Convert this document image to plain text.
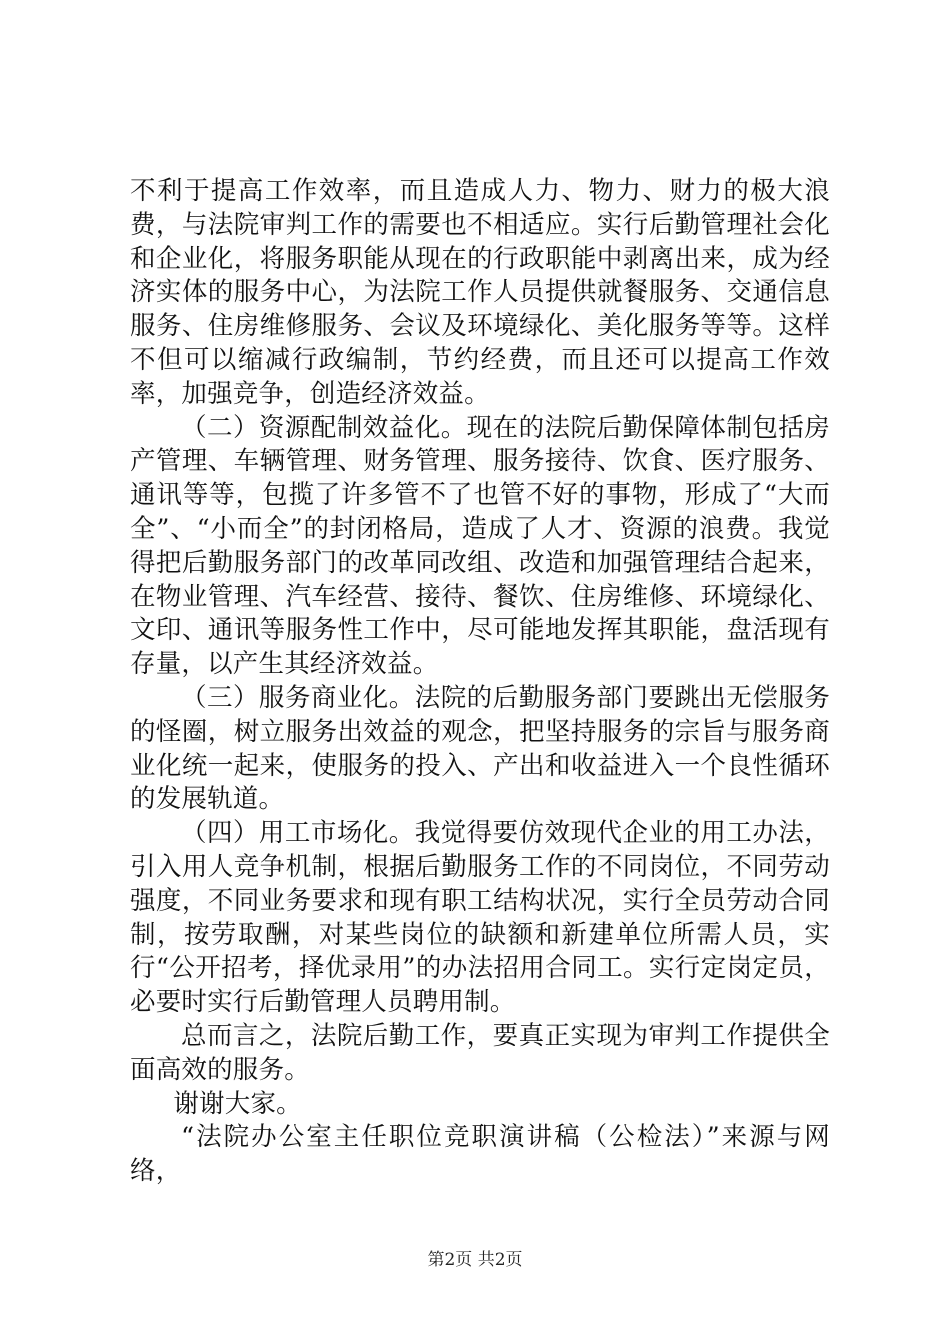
不利于提高工作效率，而且造成人力、物力、财力的极大浪费，与法院审判工作的需要也不相适应。实行后勤管理社会化和企业化，将服务职能从现在的行政职能中剥离出来，成为经济实体的服务中心，为法院工作人员提供就餐服务、交通信息服务、住房维修服务、会议及环境绿化、美化服务等等。这样不但可以缩减行政编制，节约经费，而且还可以提高工作效率，加强竞争，创造经济效益。

（二）资源配制效益化。现在的法院后勤保障体制包括房产管理、车辆管理、财务管理、服务接待、饮食、医疗服务、通讯等等，包揽了许多管不了也管不好的事物，形成了“大而全”、“小而全”的封闭格局，造成了人才、资源的浪费。我觉得把后勤服务部门的改革同改组、改造和加强管理结合起来，在物业管理、汽车经营、接待、餐饮、住房维修、环境绿化、文印、通讯等服务性工作中，尽可能地发挥其职能，盘活现有存量，以产生其经济效益。

（三）服务商业化。法院的后勤服务部门要跳出无偿服务的怪圈，树立服务出效益的观念，把坚持服务的宗旨与服务商业化统一起来，使服务的投入、产出和收益进入一个良性循环的发展轨道。

（四）用工市场化。我觉得要仿效现代企业的用工办法，引入用人竞争机制，根据后勤服务工作的不同岗位，不同劳动强度，不同业务要求和现有职工结构状况，实行全员劳动合同制，按劳取酬，对某些岗位的缺额和新建单位所需人员，实行“公开招考，择优录用”的办法招用合同工。实行定岗定员，必要时实行后勤管理人员聘用制。

总而言之，法院后勤工作，要真正实现为审判工作提供全面高效的服务。

谢谢大家。

“法院办公室主任职位竞职演讲稿（公检法）”来源与网络，

第2页 共2页
